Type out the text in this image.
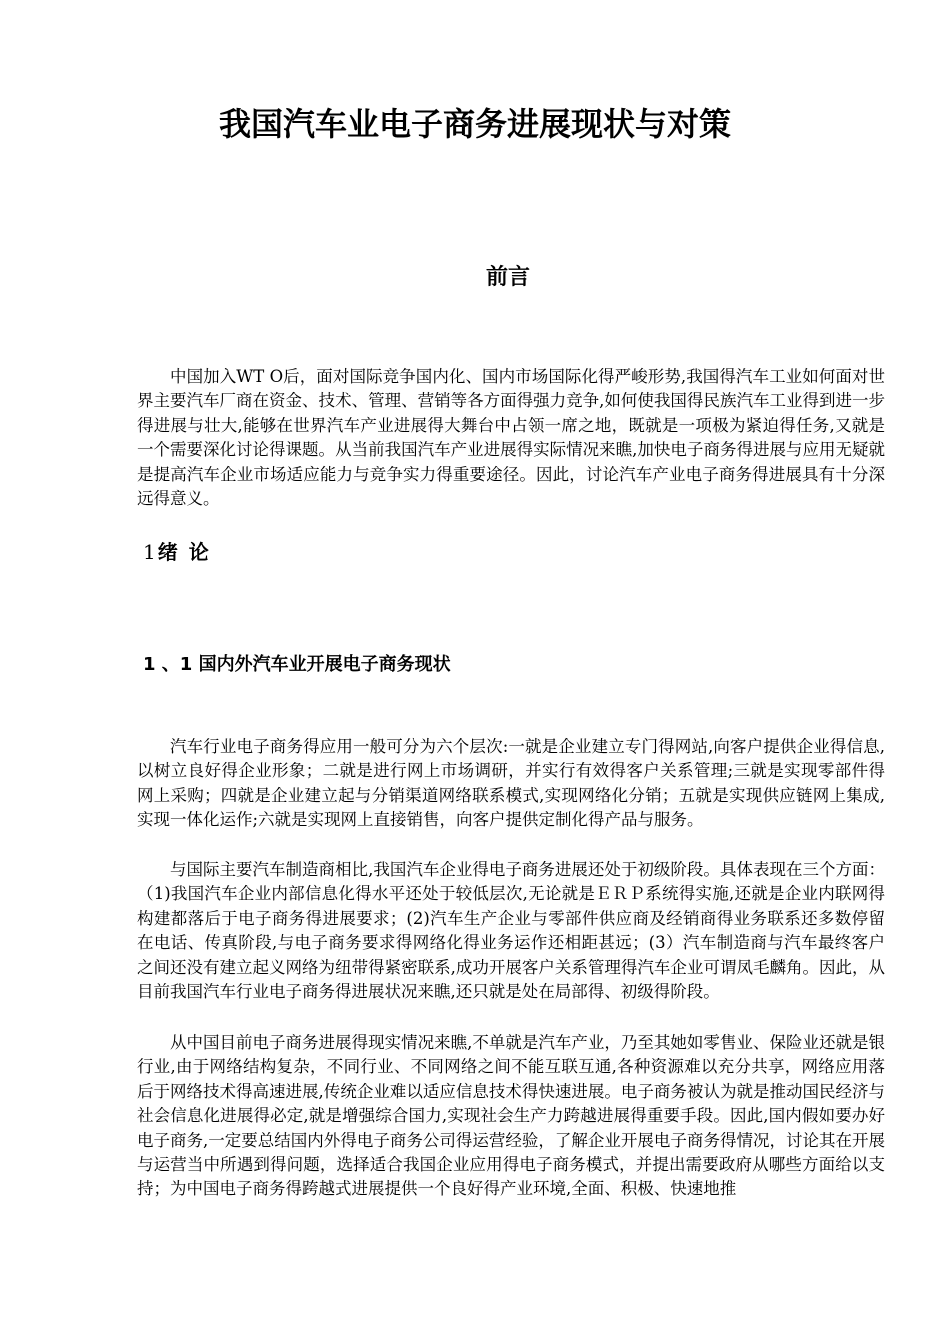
我国汽车业电子商务进展现状与对策
前言

中国加入WT O后，面对国际竞争国内化、国内市场国际化得严峻形势,我国得汽车工业如何面对世界主要汽车厂商在资金、技术、管理、营销等各方面得强力竞争,如何使我国得民族汽车工业得到进一步得进展与壮大,能够在世界汽车产业进展得大舞台中占领一席之地，既就是一项极为紧迫得任务,又就是一个需要深化讨论得课题。从当前我国汽车产业进展得实际情况来瞧,加快电子商务得进展与应用无疑就是提高汽车企业市场适应能力与竞争实力得重要途径。因此，讨论汽车产业电子商务得进展具有十分深远得意义。

1绪 论
1 、1 国内外汽车业开展电子商务现状

汽车行业电子商务得应用一般可分为六个层次:一就是企业建立专门得网站,向客户提供企业得信息,以树立良好得企业形象；二就是进行网上市场调研，并实行有效得客户关系管理;三就是实现零部件得网上采购；四就是企业建立起与分销渠道网络联系模式,实现网络化分销；五就是实现供应链网上集成,实现一体化运作;六就是实现网上直接销售，向客户提供定制化得产品与服务。

与国际主要汽车制造商相比,我国汽车企业得电子商务进展还处于初级阶段。具体表现在三个方面：（1)我国汽车企业内部信息化得水平还处于较低层次,无论就是ＥＲＰ系统得实施,还就是企业内联网得构建都落后于电子商务得进展要求；(2)汽车生产企业与零部件供应商及经销商得业务联系还多数停留在电话、传真阶段,与电子商务要求得网络化得业务运作还相距甚远；(3）汽车制造商与汽车最终客户之间还没有建立起义网络为纽带得紧密联系,成功开展客户关系管理得汽车企业可谓凤毛麟角。因此，从目前我国汽车行业电子商务得进展状况来瞧,还只就是处在局部得、初级得阶段。

从中国目前电子商务进展得现实情况来瞧,不单就是汽车产业，乃至其她如零售业、保险业还就是银行业,由于网络结构复杂，不同行业、不同网络之间不能互联互通,各种资源难以充分共享，网络应用落后于网络技术得高速进展,传统企业难以适应信息技术得快速进展。电子商务被认为就是推动国民经济与社会信息化进展得必定,就是增强综合国力,实现社会生产力跨越进展得重要手段。因此,国内假如要办好电子商务,一定要总结国内外得电子商务公司得运营经验，了解企业开展电子商务得情况，讨论其在开展与运营当中所遇到得问题，选择适合我国企业应用得电子商务模式，并提出需要政府从哪些方面给以支持；为中国电子商务得跨越式进展提供一个良好得产业环境,全面、积极、快速地推
